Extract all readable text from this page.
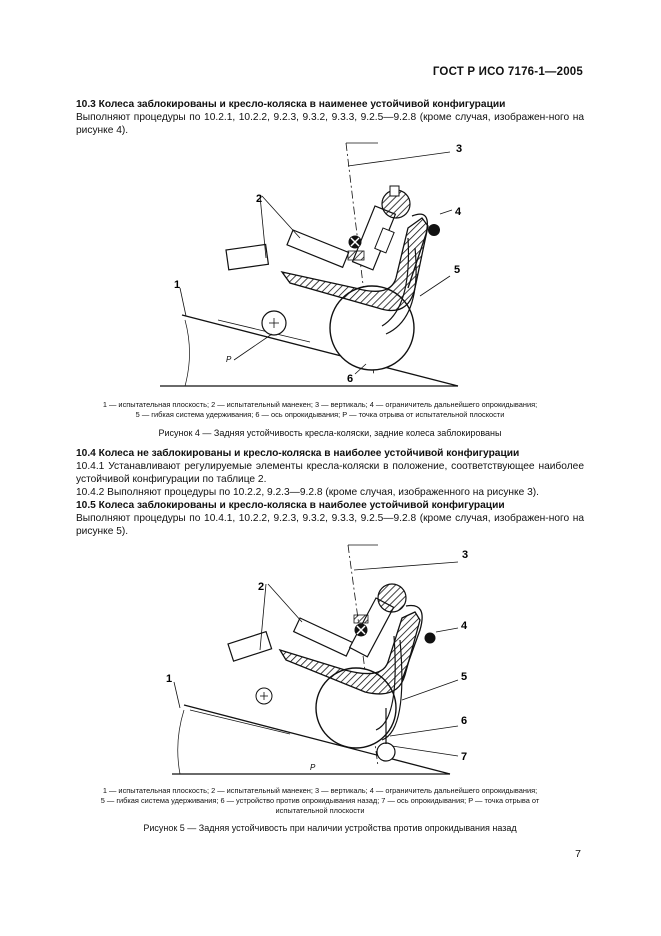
ГОСТ Р ИСО 7176-1—2005
10.3 Колеса заблокированы и кресло-коляска в наименее устойчивой конфигурации
Выполняют процедуры по 10.2.1, 10.2.2, 9.2.3, 9.3.2, 9.3.3, 9.2.5—9.2.8 (кроме случая, изображен-ного на рисунке 4).
3
2
4
5
6
1
P
1 — испытательная плоскость; 2 — испытательный манекен; 3 — вертикаль; 4 — ограничитель дальнейшего опрокидывания;
5 — гибкая система удерживания; 6 — ось опрокидывания; P — точка отрыва от испытательной плоскости
Рисунок 4 — Задняя устойчивость кресла-коляски, задние колеса заблокированы
10.4 Колеса не заблокированы и кресло-коляска в наиболее устойчивой конфигурации
10.4.1 Устанавливают регулируемые элементы кресла-коляски в положение, соответствующее наиболее устойчивой конфигурации по таблице 2.
10.4.2 Выполняют процедуры по 10.2.2, 9.2.3—9.2.8 (кроме случая, изображенного на рисунке 3).
10.5 Колеса заблокированы и кресло-коляска в наиболее устойчивой конфигурации
Выполняют процедуры по 10.4.1, 10.2.2, 9.2.3, 9.3.2, 9.3.3, 9.2.5—9.2.8 (кроме случая, изображен-ного на рисунке 5).
3
2
4
5
6
7
1
P
1 — испытательная плоскость; 2 — испытательный манекен; 3 — вертикаль; 4 — ограничитель дальнейшего опрокидывания;
5 — гибкая система удерживания; 6 — устройство против опрокидывания назад; 7 — ось опрокидывания; P — точка отрыва от
испытательной плоскости
Рисунок 5 — Задняя устойчивость при наличии устройства против опрокидывания назад
7
